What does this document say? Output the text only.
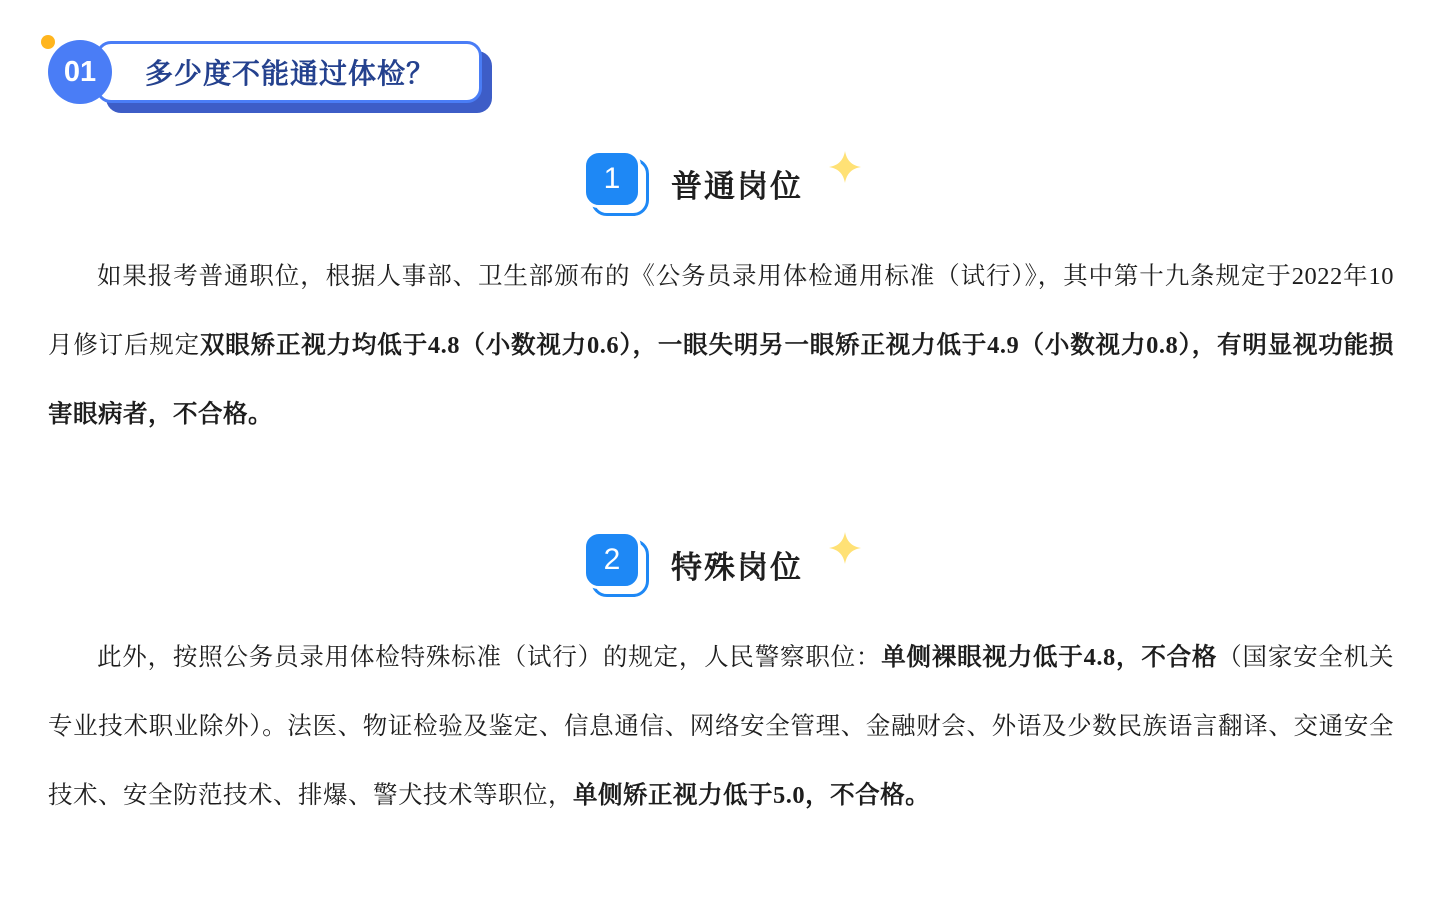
01	多少度不能通过体检？
1	普通岗位

如果报考普通职位，根据人事部、卫生部颁布的《公务员录用体检通用标准（试行）》，其中第十九条规定于2022年10月修订后规定双眼矫正视力均低于4.8（小数视力0.6），一眼失明另一眼矫正视力低于4.9（小数视力0.8），有明显视功能损害眼病者，不合格。

2	特殊岗位

此外，按照公务员录用体检特殊标准（试行）的规定，人民警察职位：单侧裸眼视力低于4.8，不合格（国家安全机关专业技术职业除外）。法医、物证检验及鉴定、信息通信、网络安全管理、金融财会、外语及少数民族语言翻译、交通安全技术、安全防范技术、排爆、警犬技术等职位，单侧矫正视力低于5.0，不合格。
